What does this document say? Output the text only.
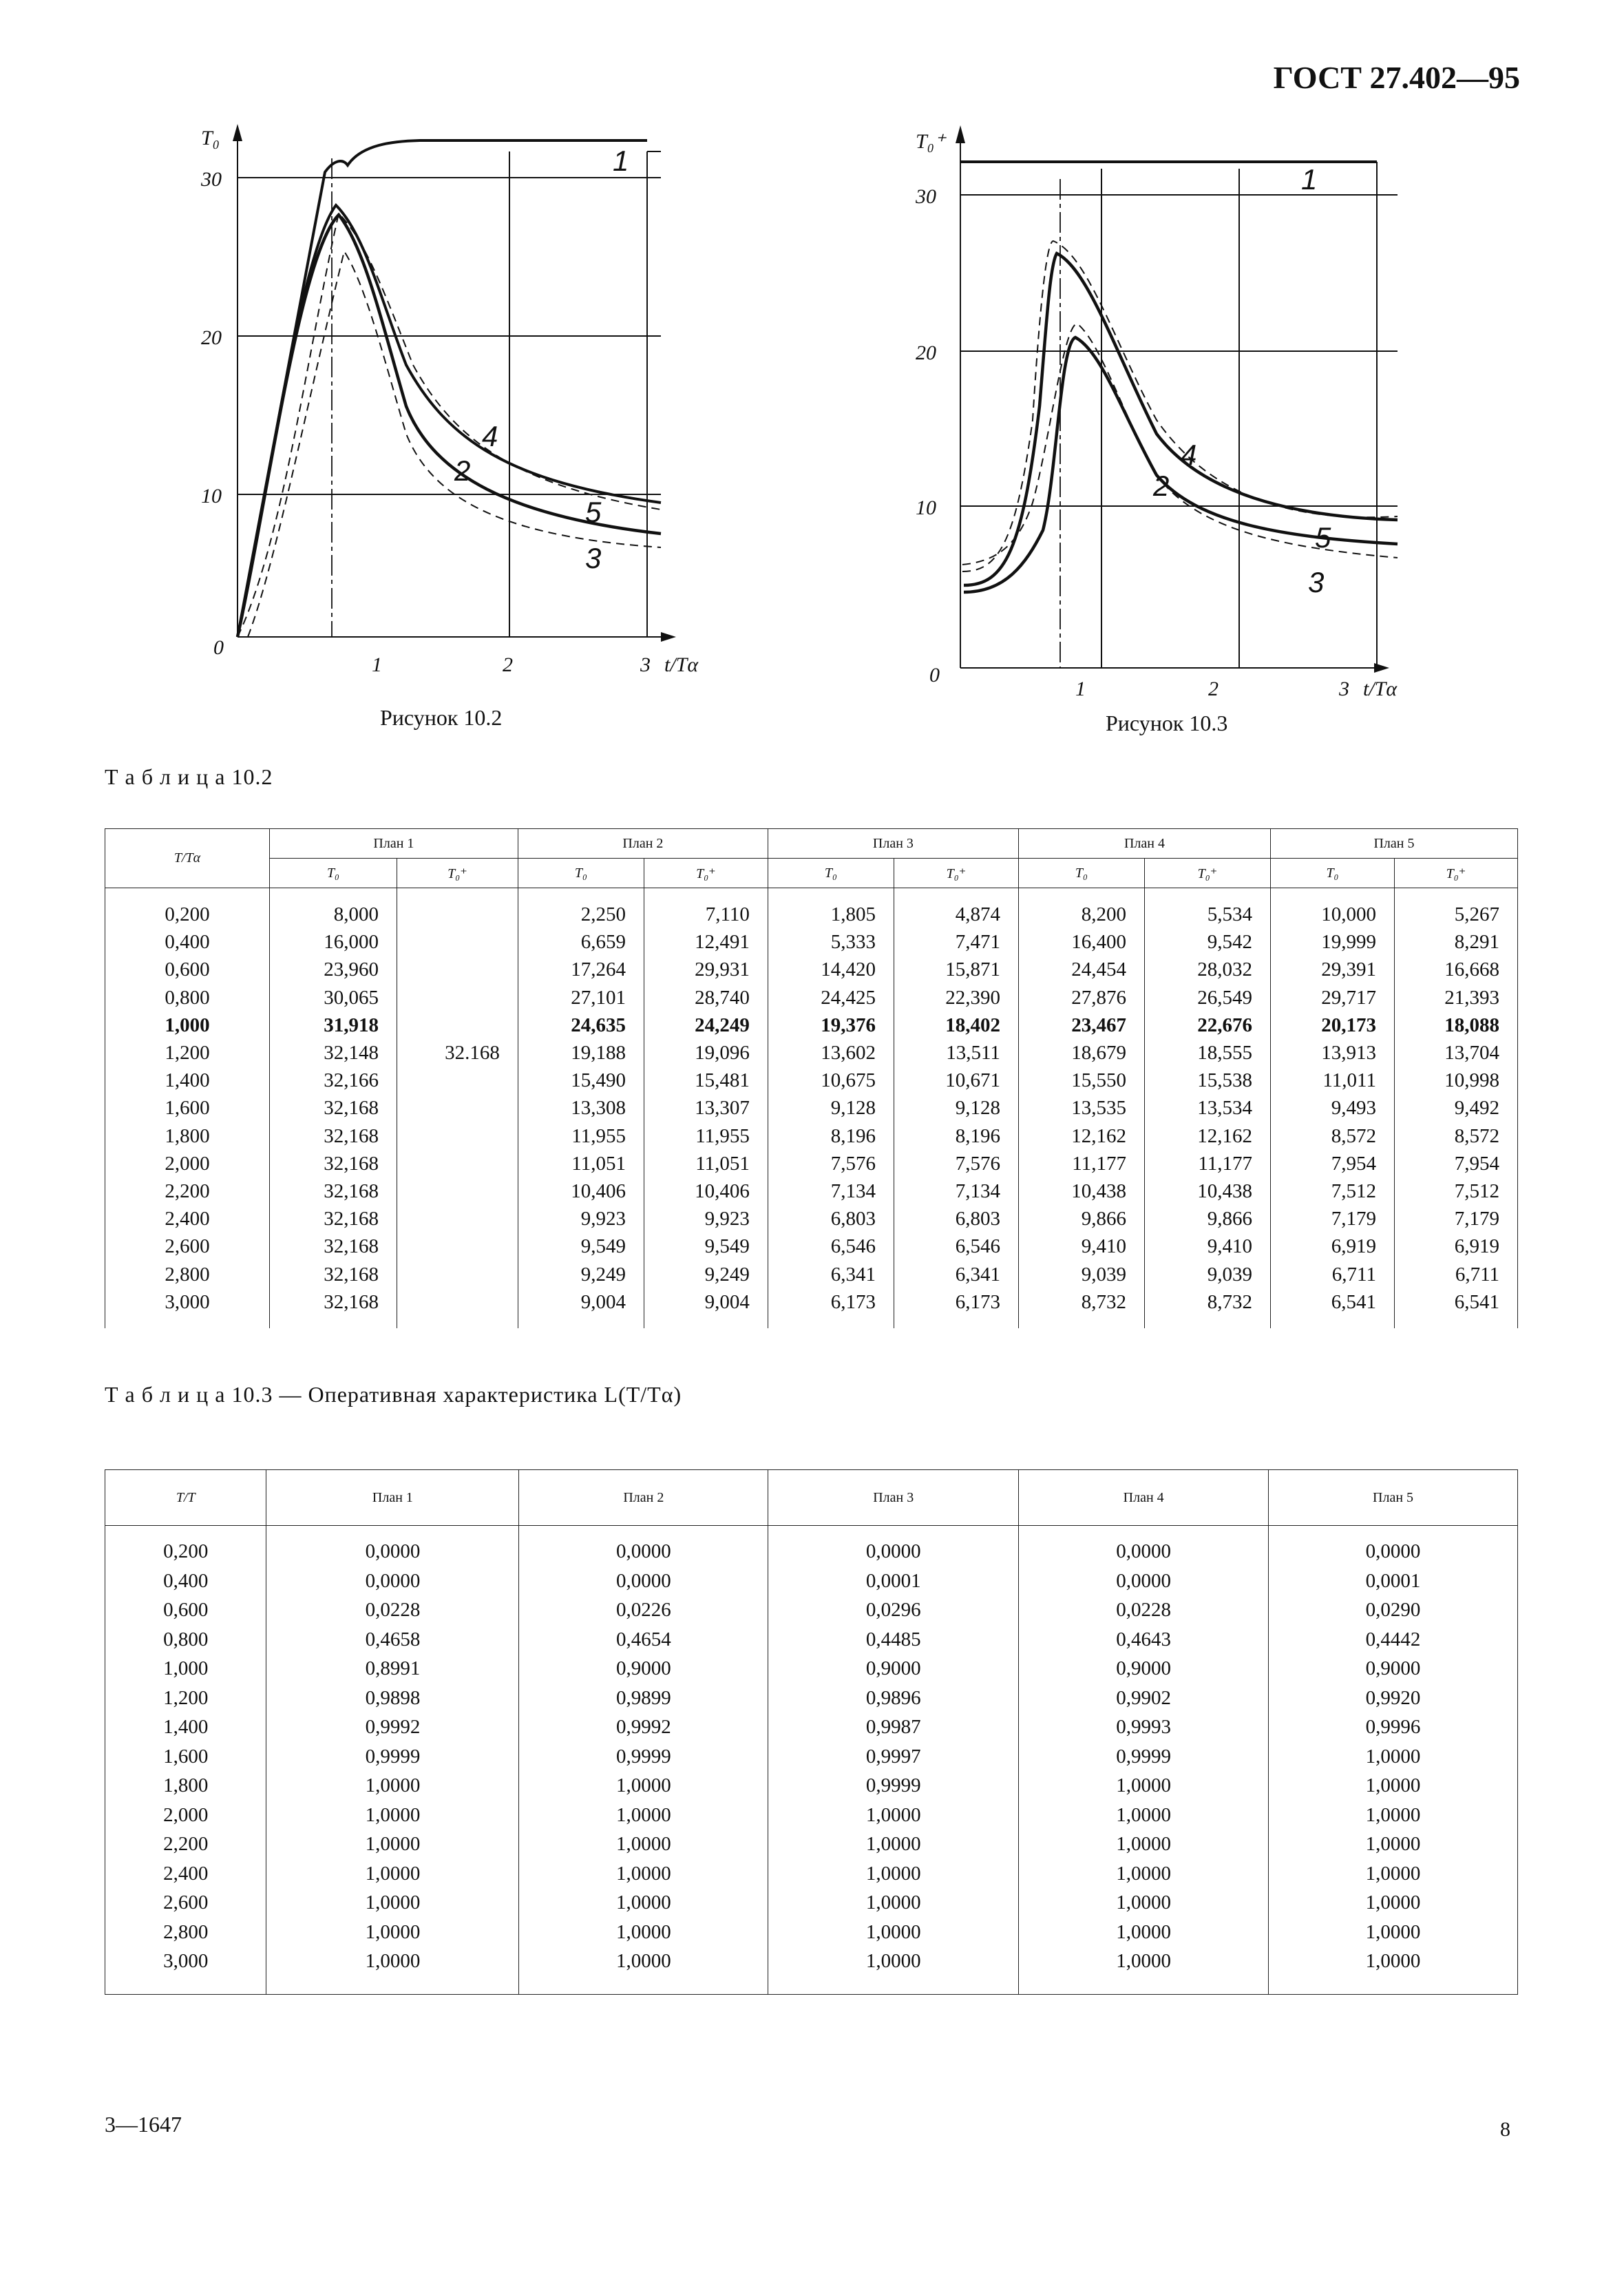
ГОСТ 27.402—95
30
20
10
0
1	2	3 t/Tα
T₀
1
4
2
5
3
Рисунок 10.2
30
20
10
0
1	2	3 t/Tα
T₀⁺
1
4
2
5
3
Рисунок 10.3
Т а б л и ц а 10.2
T/Tα	План 1		План 2		План 3		План 4		План 5	
	T₀	T₀⁺	T₀	T₀⁺	T₀	T₀⁺	T₀	T₀⁺	T₀	T₀⁺

0,200	8,000		2,250	7,110	1,805	4,874	8,200	5,534	10,000	5,267
0,400	16,000		6,659	12,491	5,333	7,471	16,400	9,542	19,999	8,291
0,600	23,960		17,264	29,931	14,420	15,871	24,454	28,032	29,391	16,668
0,800	30,065		27,101	28,740	24,425	22,390	27,876	26,549	29,717	21,393
1,000	31,918		24,635	24,249	19,376	18,402	23,467	22,676	20,173	18,088
1,200	32,148	32.168	19,188	19,096	13,602	13,511	18,679	18,555	13,913	13,704
1,400	32,166		15,490	15,481	10,675	10,671	15,550	15,538	11,011	10,998
1,600	32,168		13,308	13,307	9,128	9,128	13,535	13,534	9,493	9,492
1,800	32,168		11,955	11,955	8,196	8,196	12,162	12,162	8,572	8,572
2,000	32,168		11,051	11,051	7,576	7,576	11,177	11,177	7,954	7,954
2,200	32,168		10,406	10,406	7,134	7,134	10,438	10,438	7,512	7,512
2,400	32,168		9,923	9,923	6,803	6,803	9,866	9,866	7,179	7,179
2,600	32,168		9,549	9,549	6,546	6,546	9,410	9,410	6,919	6,919
2,800	32,168		9,249	9,249	6,341	6,341	9,039	9,039	6,711	6,711
3,000	32,168		9,004	9,004	6,173	6,173	8,732	8,732	6,541	6,541

Т а б л и ц а 10.3 — Оперативная характеристика L(T/Tα)
T/T	План 1	План 2	План 3	План 4	План 5

0,200	0,0000	0,0000	0,0000	0,0000	0,0000
0,400	0,0000	0,0000	0,0001	0,0000	0,0001
0,600	0,0228	0,0226	0,0296	0,0228	0,0290
0,800	0,4658	0,4654	0,4485	0,4643	0,4442
1,000	0,8991	0,9000	0,9000	0,9000	0,9000
1,200	0,9898	0,9899	0,9896	0,9902	0,9920
1,400	0,9992	0,9992	0,9987	0,9993	0,9996
1,600	0,9999	0,9999	0,9997	0,9999	1,0000
1,800	1,0000	1,0000	0,9999	1,0000	1,0000
2,000	1,0000	1,0000	1,0000	1,0000	1,0000
2,200	1,0000	1,0000	1,0000	1,0000	1,0000
2,400	1,0000	1,0000	1,0000	1,0000	1,0000
2,600	1,0000	1,0000	1,0000	1,0000	1,0000
2,800	1,0000	1,0000	1,0000	1,0000	1,0000
3,000	1,0000	1,0000	1,0000	1,0000	1,0000

3—1647	8
